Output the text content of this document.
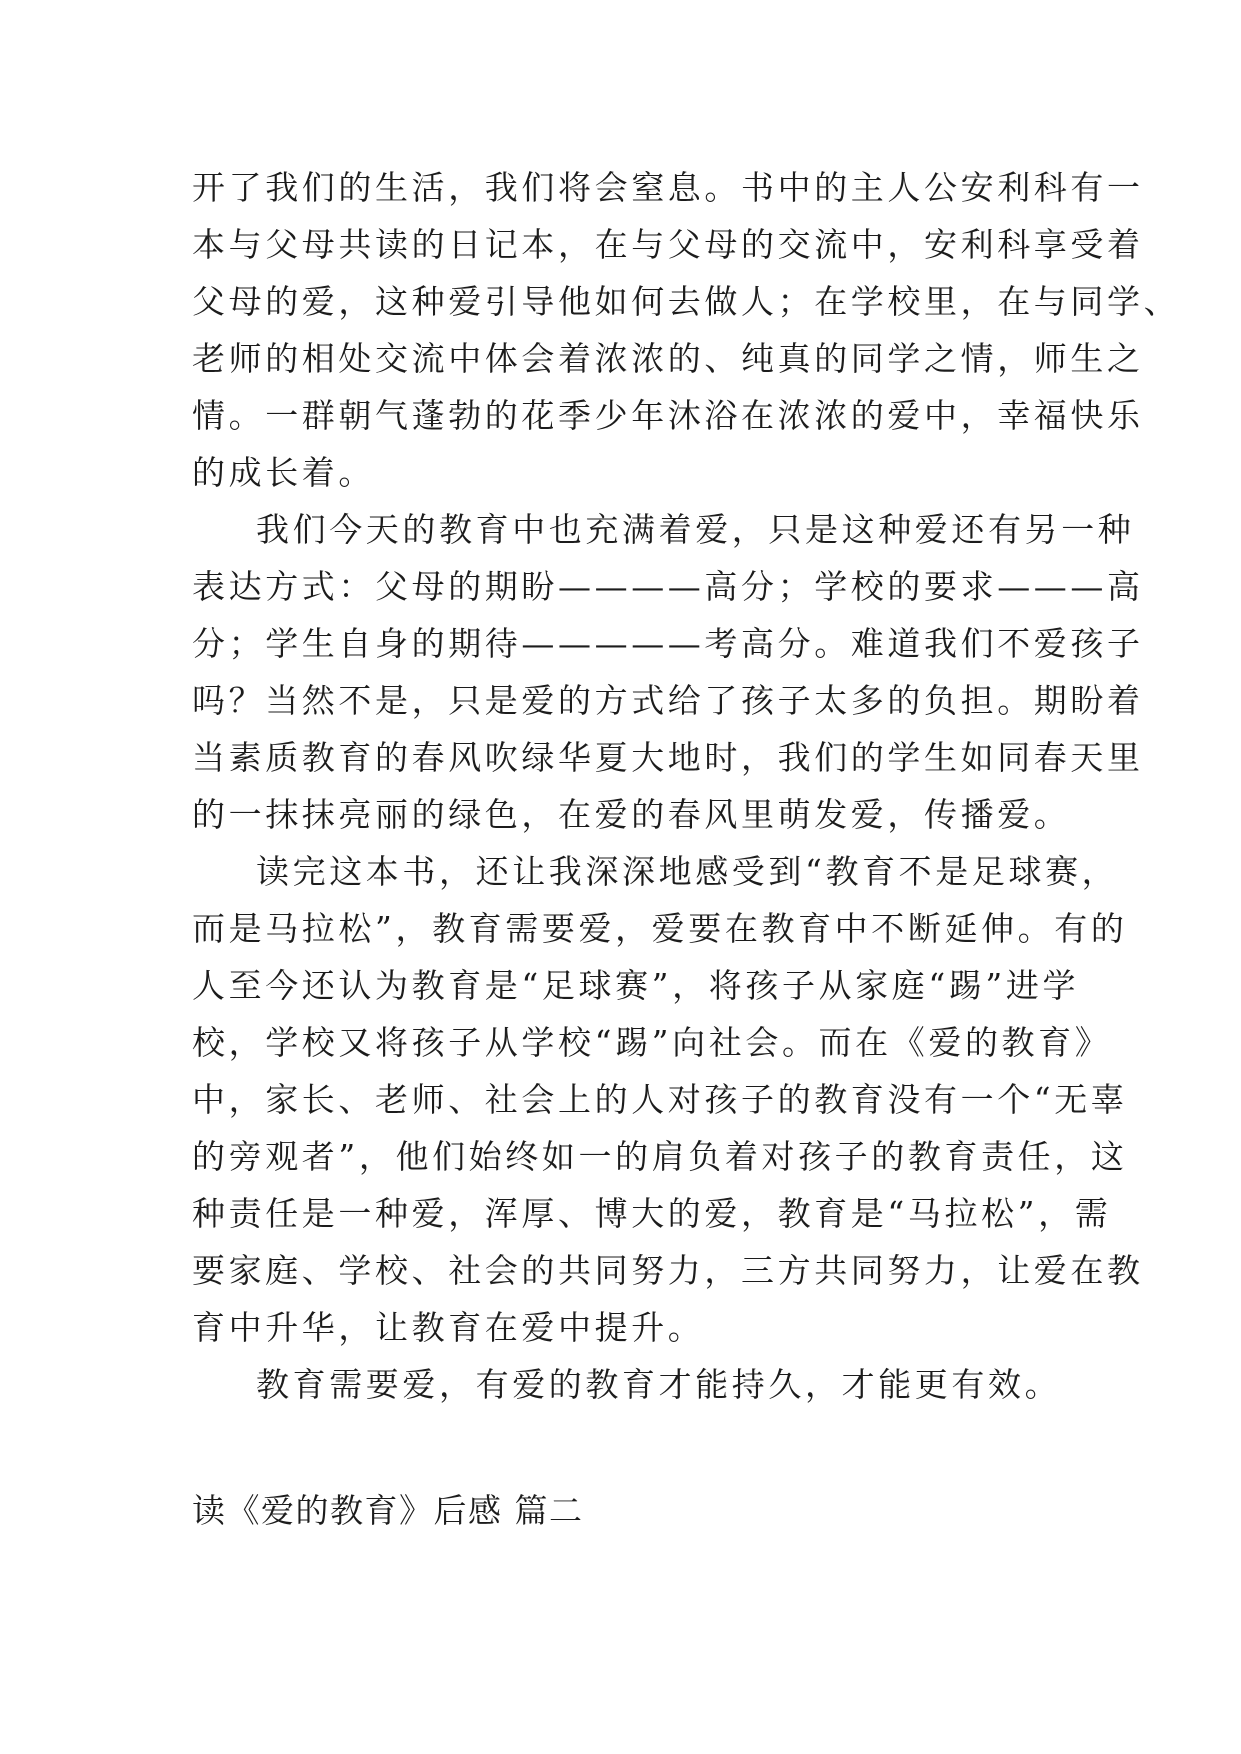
开了我们的生活，我们将会窒息。书中的主人公安利科有一
本与父母共读的日记本，在与父母的交流中，安利科享受着
父母的爱，这种爱引导他如何去做人；在学校里，在与同学、
老师的相处交流中体会着浓浓的、纯真的同学之情，师生之
情。一群朝气蓬勃的花季少年沐浴在浓浓的爱中，幸福快乐
的成长着。
我们今天的教育中也充满着爱，只是这种爱还有另一种
表达方式：父母的期盼————高分；学校的要求———高
分；学生自身的期待—————考高分。难道我们不爱孩子
吗？当然不是，只是爱的方式给了孩子太多的负担。期盼着
当素质教育的春风吹绿华夏大地时，我们的学生如同春天里
的一抹抹亮丽的绿色，在爱的春风里萌发爱，传播爱。
读完这本书，还让我深深地感受到“教育不是足球赛，
而是马拉松”，教育需要爱，爱要在教育中不断延伸。有的
人至今还认为教育是“足球赛”，将孩子从家庭“踢”进学
校，学校又将孩子从学校“踢”向社会。而在《爱的教育》
中，家长、老师、社会上的人对孩子的教育没有一个“无辜
的旁观者”，他们始终如一的肩负着对孩子的教育责任，这
种责任是一种爱，浑厚、博大的爱，教育是“马拉松”，需
要家庭、学校、社会的共同努力，三方共同努力，让爱在教
育中升华，让教育在爱中提升。
教育需要爱，有爱的教育才能持久，才能更有效。
读《爱的教育》后感 篇二
